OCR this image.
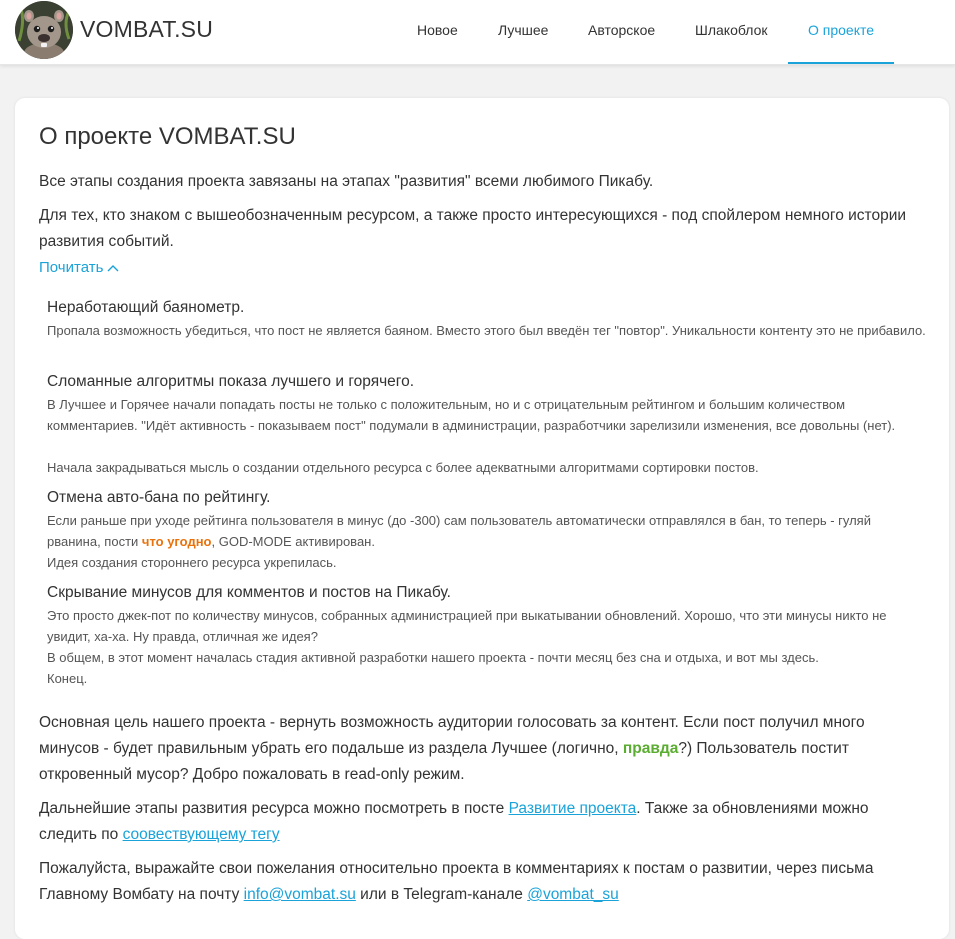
VOMBAT.SU	Новое	Лучшее	Авторское	Шлакоблок	О проекте
О проекте VOMBAT.SU
Все этапы создания проекта завязаны на этапах "развития" всеми любимого Пикабу.
Для тех, кто знаком с вышеобозначенным ресурсом, а также просто интересующихся - под спойлером немного истории развития событий.
Почитать
Неработающий баянометр.
Пропала возможность убедиться, что пост не является баяном. Вместо этого был введён тег "повтор". Уникальности контенту это не прибавило.
Сломанные алгоритмы показа лучшего и горячего.
В Лучшее и Горячее начали попадать посты не только с положительным, но и с отрицательным рейтингом и большим количеством комментариев. "Идёт активность - показываем пост" подумали в администрации, разработчики зарелизили изменения, все довольны (нет).
Начала закрадываться мысль о создании отдельного ресурса с более адекватными алгоритмами сортировки постов.
Отмена авто-бана по рейтингу.
Если раньше при уходе рейтинга пользователя в минус (до -300) сам пользователь автоматически отправлялся в бан, то теперь - гуляй рванина, пости что угодно, GOD-MODE активирован.
Идея создания стороннего ресурса укрепилась.
Скрывание минусов для комментов и постов на Пикабу.
Это просто джек-пот по количеству минусов, собранных администрацией при выкатывании обновлений. Хорошо, что эти минусы никто не увидит, ха-ха. Ну правда, отличная же идея?
В общем, в этот момент началась стадия активной разработки нашего проекта - почти месяц без сна и отдыха, и вот мы здесь.
Конец.
Основная цель нашего проекта - вернуть возможность аудитории голосовать за контент. Если пост получил много минусов - будет правильным убрать его подальше из раздела Лучшее (логично, правда?) Пользователь постит откровенный мусор? Добро пожаловать в read-only режим.
Дальнейшие этапы развития ресурса можно посмотреть в посте Развитие проекта. Также за обновлениями можно следить по соовествующему тегу
Пожалуйста, выражайте свои пожелания относительно проекта в комментариях к постам о развитии, через письма Главному Вомбату на почту info@vombat.su или в Telegram-канале @vombat_su
